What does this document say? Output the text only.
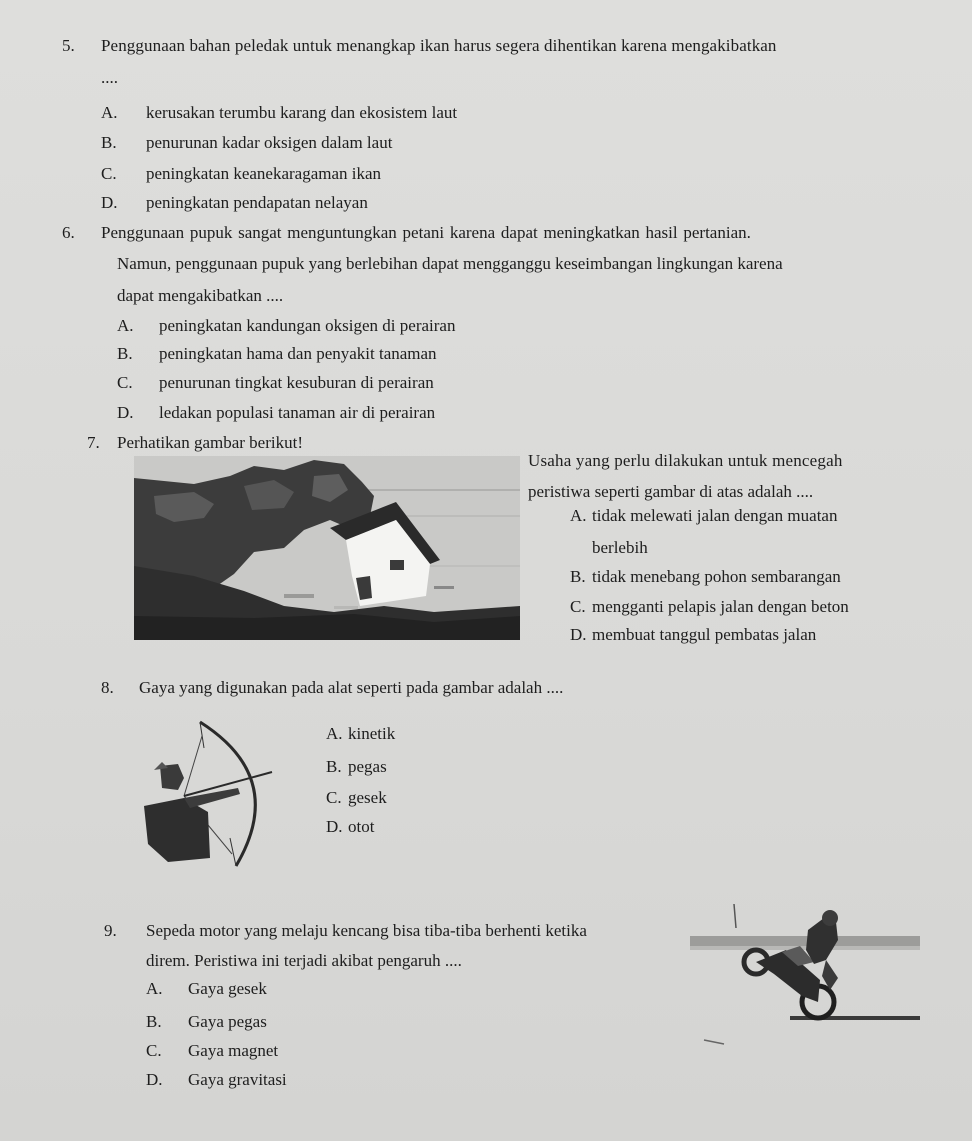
5. Penggunaan bahan peledak untuk menangkap ikan harus segera dihentikan karena mengakibatkan
....
A. kerusakan terumbu karang dan ekosistem laut
B. penurunan kadar oksigen dalam laut
C. peningkatan keanekaragaman ikan
D. peningkatan pendapatan nelayan
6. Penggunaan pupuk sangat menguntungkan petani karena dapat meningkatkan hasil pertanian.
Namun, penggunaan pupuk yang berlebihan dapat mengganggu keseimbangan lingkungan karena
dapat mengakibatkan ....
A. peningkatan kandungan oksigen di perairan
B. peningkatan hama dan penyakit tanaman
C. penurunan tingkat kesuburan di perairan
D. ledakan populasi tanaman air di perairan
7. Perhatikan gambar berikut!
Usaha yang perlu dilakukan untuk mencegah
peristiwa seperti gambar di atas adalah ....
A. tidak melewati jalan dengan muatan
berlebih
B. tidak menebang pohon sembarangan
C. mengganti pelapis jalan dengan beton
D. membuat tanggul pembatas jalan
8. Gaya yang digunakan pada alat seperti pada gambar adalah ....
A. kinetik
B. pegas
C. gesek
D. otot
9. Sepeda motor yang melaju kencang bisa tiba-tiba berhenti ketika
direm. Peristiwa ini terjadi akibat pengaruh ....
A. Gaya gesek
B. Gaya pegas
C. Gaya magnet
D. Gaya gravitasi
